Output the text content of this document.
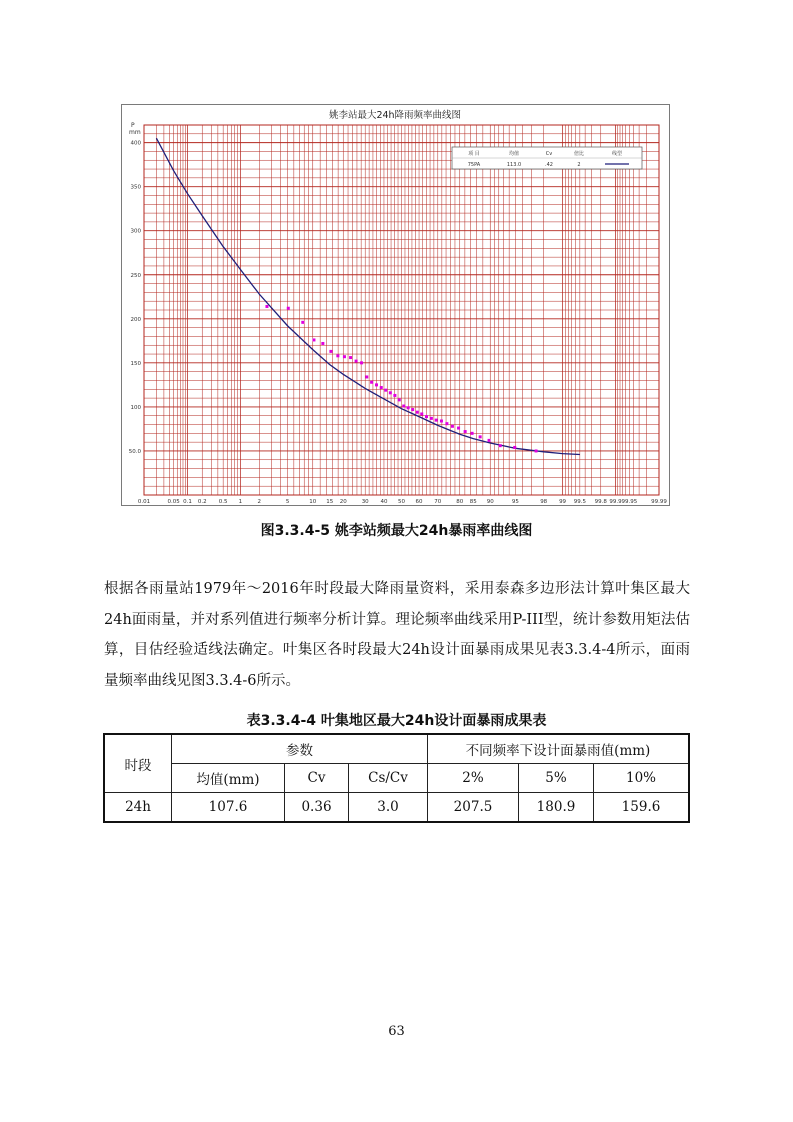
姚李站最大24h降雨频率曲线图
50.0
100
150
200
250
300
350
400
0.01	0.05 0.1 0.2 0.5 1	2	5	10 15 20	30 40 50 60 70	80 85 90	95	98 99 99.5 99.8 99.9 99.95	99.99
P mm
项 目	均值	Cv	倍比	线型
75PA	113.0	.42	2
图3.3.4-5 姚李站频最大24h暴雨率曲线图
根据各雨量站1979年～2016年时段最大降雨量资料，采用泰森多边形法计算叶集区最大24h面雨量，并对系列值进行频率分析计算。理论频率曲线采用P-III型，统计参数用矩法估算，目估经验适线法确定。叶集区各时段最大24h设计面暴雨成果见表3.3.4-4所示，面雨量频率曲线见图3.3.4-6所示。
表3.3.4-4 叶集地区最大24h设计面暴雨成果表
时段	参数			不同频率下设计面暴雨值(mm)		
	均值(mm)	Cv	Cs/Cv	2%	5%	10%
24h	107.6	0.36	3.0	207.5	180.9	159.6
63
